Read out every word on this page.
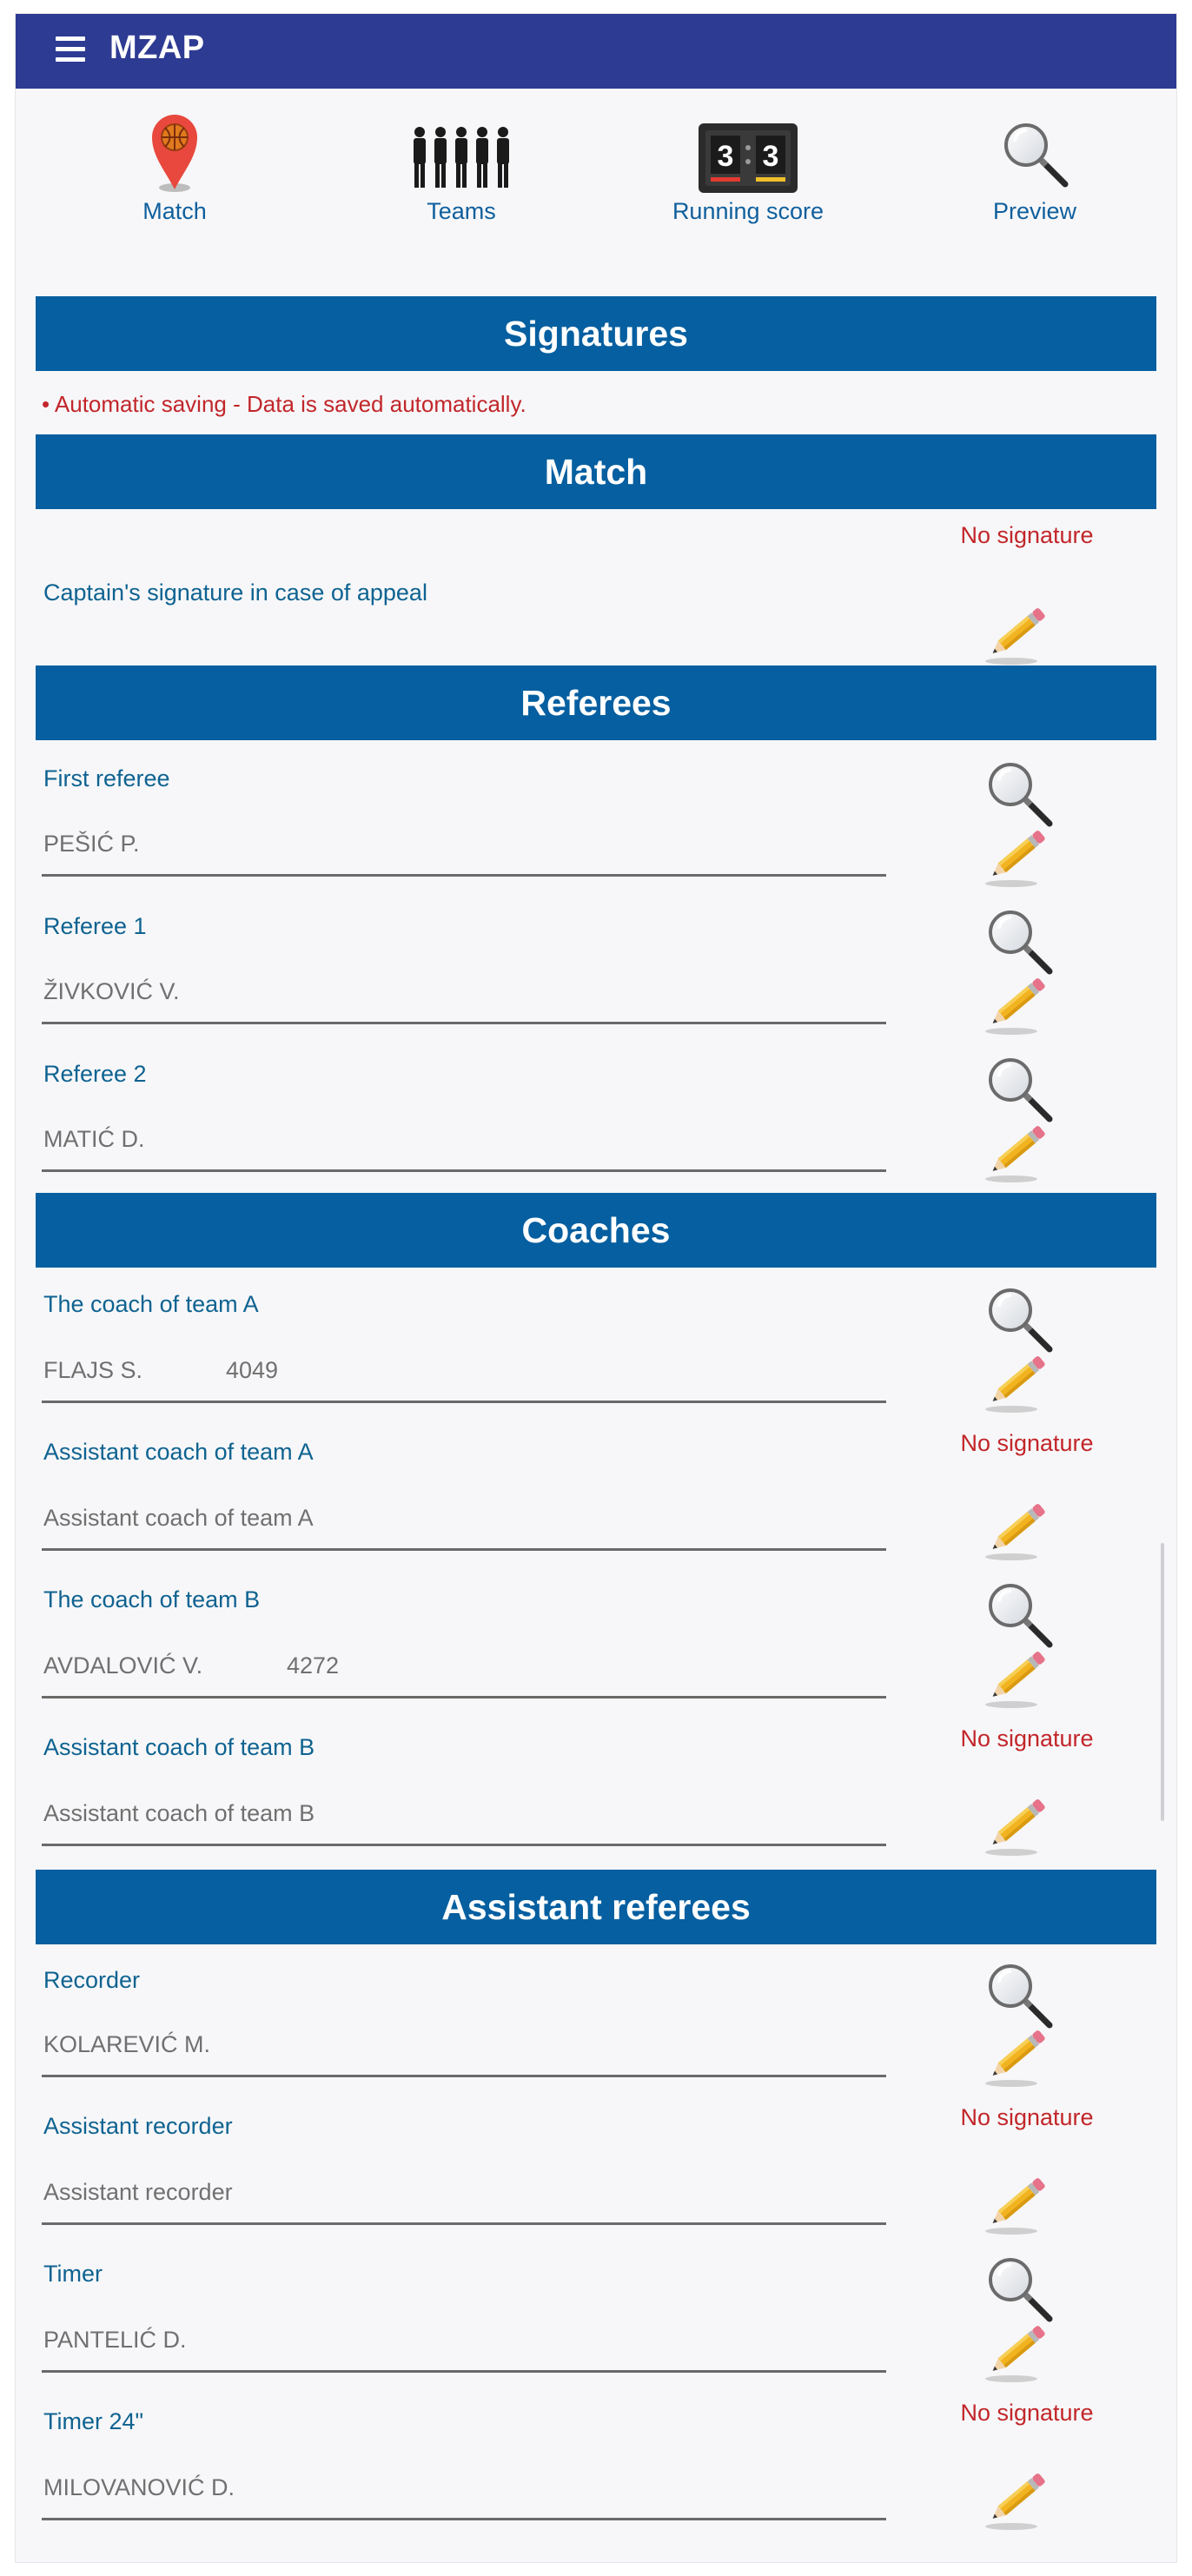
MZAP
Match	Teams
3 3
Running score	Preview
Signatures
• Automatic saving - Data is saved automatically.
Match
No signature
Captain's signature in case of appeal
Referees
First referee
PEŠIĆ P.
Referee 1
ŽIVKOVIĆ V.
Referee 2
MATIĆ D.
Coaches
The coach of team A
FLAJS S.	4049
Assistant coach of team A	No signature
Assistant coach of team A
The coach of team B
AVDALOVIĆ V.	4272
Assistant coach of team B	No signature
Assistant coach of team B
Assistant referees
Recorder
KOLAREVIĆ M.
Assistant recorder	No signature
Assistant recorder
Timer
PANTELIĆ D.
Timer 24"	No signature
MILOVANOVIĆ D.
